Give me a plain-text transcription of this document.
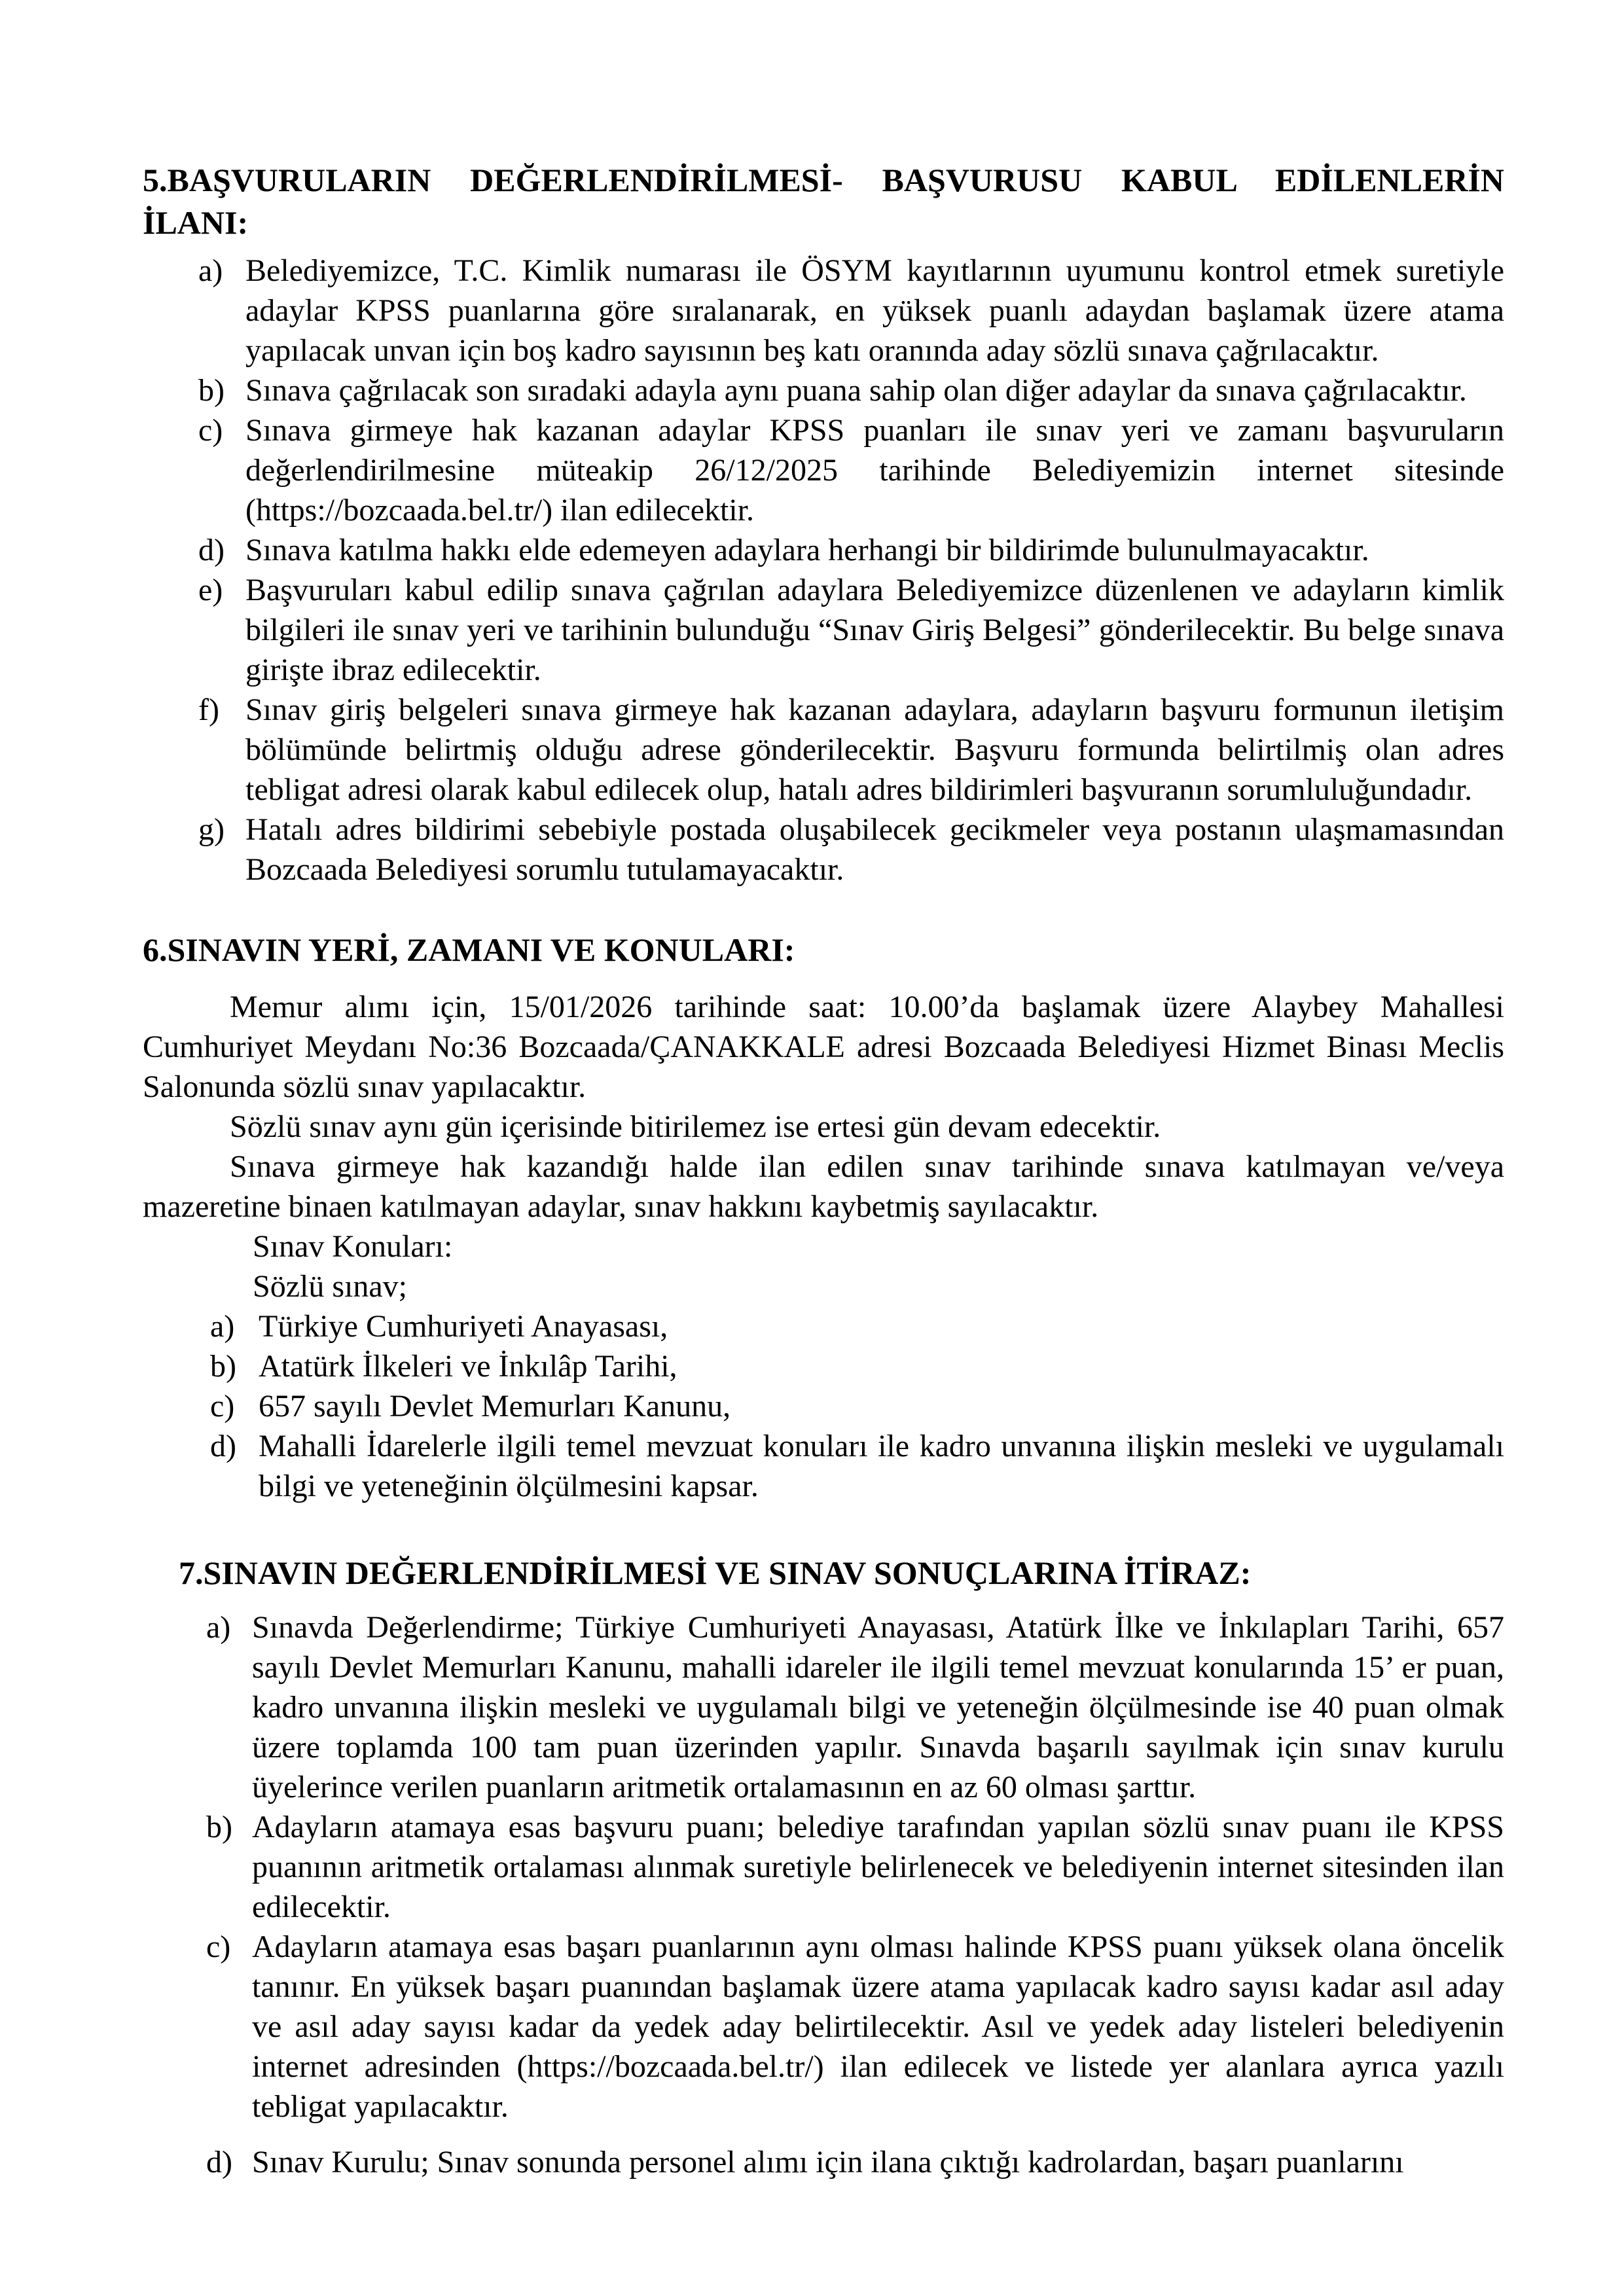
5.BAŞVURULARIN DEĞERLENDİRİLMESİ- BAŞVURUSU KABUL EDİLENLERİN
İLANI:
a) Belediyemizce, T.C. Kimlik numarası ile ÖSYM kayıtlarının uyumunu kontrol etmek suretiyle adaylar KPSS puanlarına göre sıralanarak, en yüksek puanlı adaydan başlamak üzere atama yapılacak unvan için boş kadro sayısının beş katı oranında aday sözlü sınava çağrılacaktır.
b) Sınava çağrılacak son sıradaki adayla aynı puana sahip olan diğer adaylar da sınava çağrılacaktır.
c) Sınava girmeye hak kazanan adaylar KPSS puanları ile sınav yeri ve zamanı başvuruların değerlendirilmesine müteakip 26/12/2025 tarihinde Belediyemizin internet sitesinde (https://bozcaada.bel.tr/) ilan edilecektir.
d) Sınava katılma hakkı elde edemeyen adaylara herhangi bir bildirimde bulunulmayacaktır.
e) Başvuruları kabul edilip sınava çağrılan adaylara Belediyemizce düzenlenen ve adayların kimlik bilgileri ile sınav yeri ve tarihinin bulunduğu “Sınav Giriş Belgesi” gönderilecektir. Bu belge sınava girişte ibraz edilecektir.
f) Sınav giriş belgeleri sınava girmeye hak kazanan adaylara, adayların başvuru formunun iletişim bölümünde belirtmiş olduğu adrese gönderilecektir. Başvuru formunda belirtilmiş olan adres tebligat adresi olarak kabul edilecek olup, hatalı adres bildirimleri başvuranın sorumluluğundadır.
g) Hatalı adres bildirimi sebebiyle postada oluşabilecek gecikmeler veya postanın ulaşmamasından Bozcaada Belediyesi sorumlu tutulamayacaktır.
6.SINAVIN YERİ, ZAMANI VE KONULARI:
Memur alımı için, 15/01/2026 tarihinde saat: 10.00’da başlamak üzere Alaybey Mahallesi Cumhuriyet Meydanı No:36 Bozcaada/ÇANAKKALE adresi Bozcaada Belediyesi Hizmet Binası Meclis Salonunda sözlü sınav yapılacaktır.
Sözlü sınav aynı gün içerisinde bitirilemez ise ertesi gün devam edecektir.
Sınava girmeye hak kazandığı halde ilan edilen sınav tarihinde sınava katılmayan ve/veya mazeretine binaen katılmayan adaylar, sınav hakkını kaybetmiş sayılacaktır.
Sınav Konuları:
Sözlü sınav;
a) Türkiye Cumhuriyeti Anayasası,
b) Atatürk İlkeleri ve İnkılâp Tarihi,
c) 657 sayılı Devlet Memurları Kanunu,
d) Mahalli İdarelerle ilgili temel mevzuat konuları ile kadro unvanına ilişkin mesleki ve uygulamalı bilgi ve yeteneğinin ölçülmesini kapsar.
7.SINAVIN DEĞERLENDİRİLMESİ VE SINAV SONUÇLARINA İTİRAZ:
a) Sınavda Değerlendirme; Türkiye Cumhuriyeti Anayasası, Atatürk İlke ve İnkılapları Tarihi, 657 sayılı Devlet Memurları Kanunu, mahalli idareler ile ilgili temel mevzuat konularında 15’ er puan, kadro unvanına ilişkin mesleki ve uygulamalı bilgi ve yeteneğin ölçülmesinde ise 40 puan olmak üzere toplamda 100 tam puan üzerinden yapılır. Sınavda başarılı sayılmak için sınav kurulu üyelerince verilen puanların aritmetik ortalamasının en az 60 olması şarttır.
b) Adayların atamaya esas başvuru puanı; belediye tarafından yapılan sözlü sınav puanı ile KPSS puanının aritmetik ortalaması alınmak suretiyle belirlenecek ve belediyenin internet sitesinden ilan edilecektir.
c) Adayların atamaya esas başarı puanlarının aynı olması halinde KPSS puanı yüksek olana öncelik tanınır. En yüksek başarı puanından başlamak üzere atama yapılacak kadro sayısı kadar asıl aday ve asıl aday sayısı kadar da yedek aday belirtilecektir. Asıl ve yedek aday listeleri belediyenin internet adresinden (https://bozcaada.bel.tr/) ilan edilecek ve listede yer alanlara ayrıca yazılı tebligat yapılacaktır.
d) Sınav Kurulu; Sınav sonunda personel alımı için ilana çıktığı kadrolardan, başarı puanlarını
